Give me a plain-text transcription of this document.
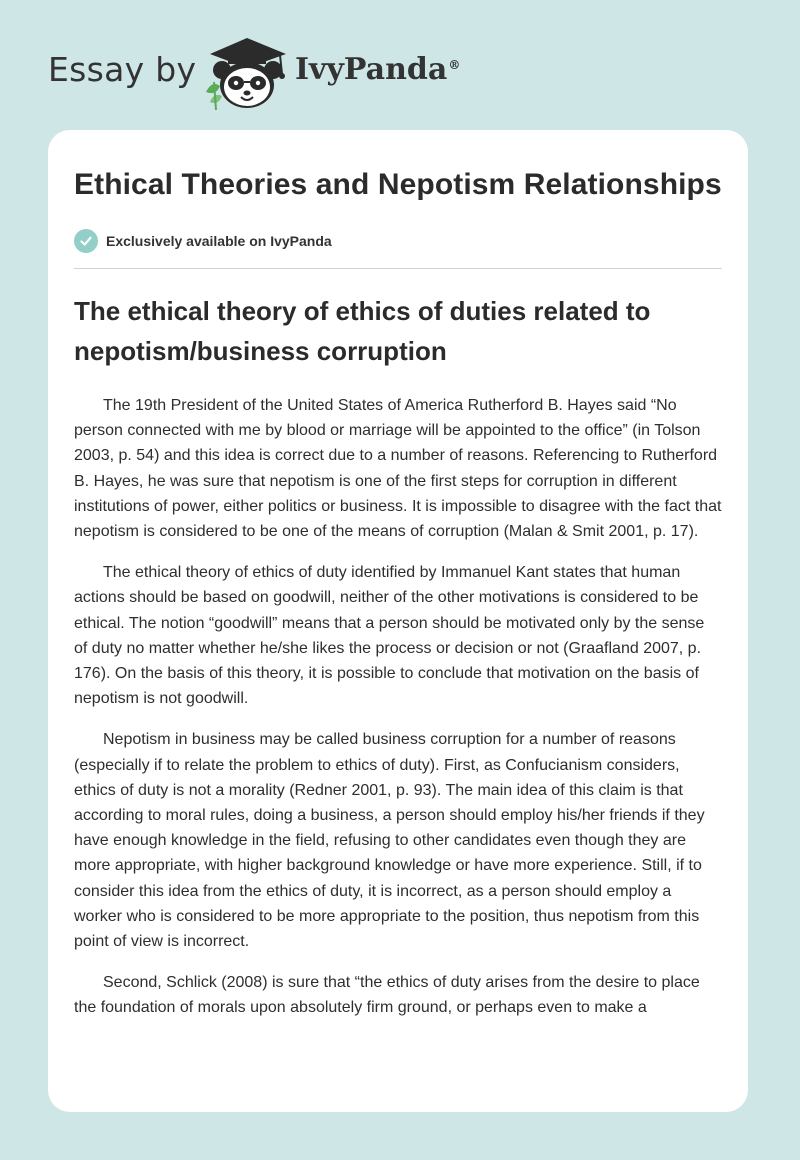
Essay by	IvyPanda®
Ethical Theories and Nepotism Relationships
Exclusively available on IvyPanda
The ethical theory of ethics of duties related to nepotism/business corruption

The 19th President of the United States of America Rutherford B. Hayes said “No person connected with me by blood or marriage will be appointed to the office” (in Tolson 2003, p. 54) and this idea is correct due to a number of reasons. Referencing to Rutherford B. Hayes, he was sure that nepotism is one of the first steps for corruption in different institutions of power, either politics or business. It is impossible to disagree with the fact that nepotism is considered to be one of the means of corruption (Malan & Smit 2001, p. 17).

The ethical theory of ethics of duty identified by Immanuel Kant states that human actions should be based on goodwill, neither of the other motivations is considered to be ethical. The notion “goodwill” means that a person should be motivated only by the sense of duty no matter whether he/she likes the process or decision or not (Graafland 2007, p. 176). On the basis of this theory, it is possible to conclude that motivation on the basis of nepotism is not goodwill.

Nepotism in business may be called business corruption for a number of reasons (especially if to relate the problem to ethics of duty). First, as Confucianism considers, ethics of duty is not a morality (Redner 2001, p. 93). The main idea of this claim is that according to moral rules, doing a business, a person should employ his/her friends if they have enough knowledge in the field, refusing to other candidates even though they are more appropriate, with higher background knowledge or have more experience. Still, if to consider this idea from the ethics of duty, it is incorrect, as a person should employ a worker who is considered to be more appropriate to the position, thus nepotism from this point of view is incorrect.

Second, Schlick (2008) is sure that “the ethics of duty arises from the desire to place the foundation of morals upon absolutely firm ground, or perhaps even to make a
